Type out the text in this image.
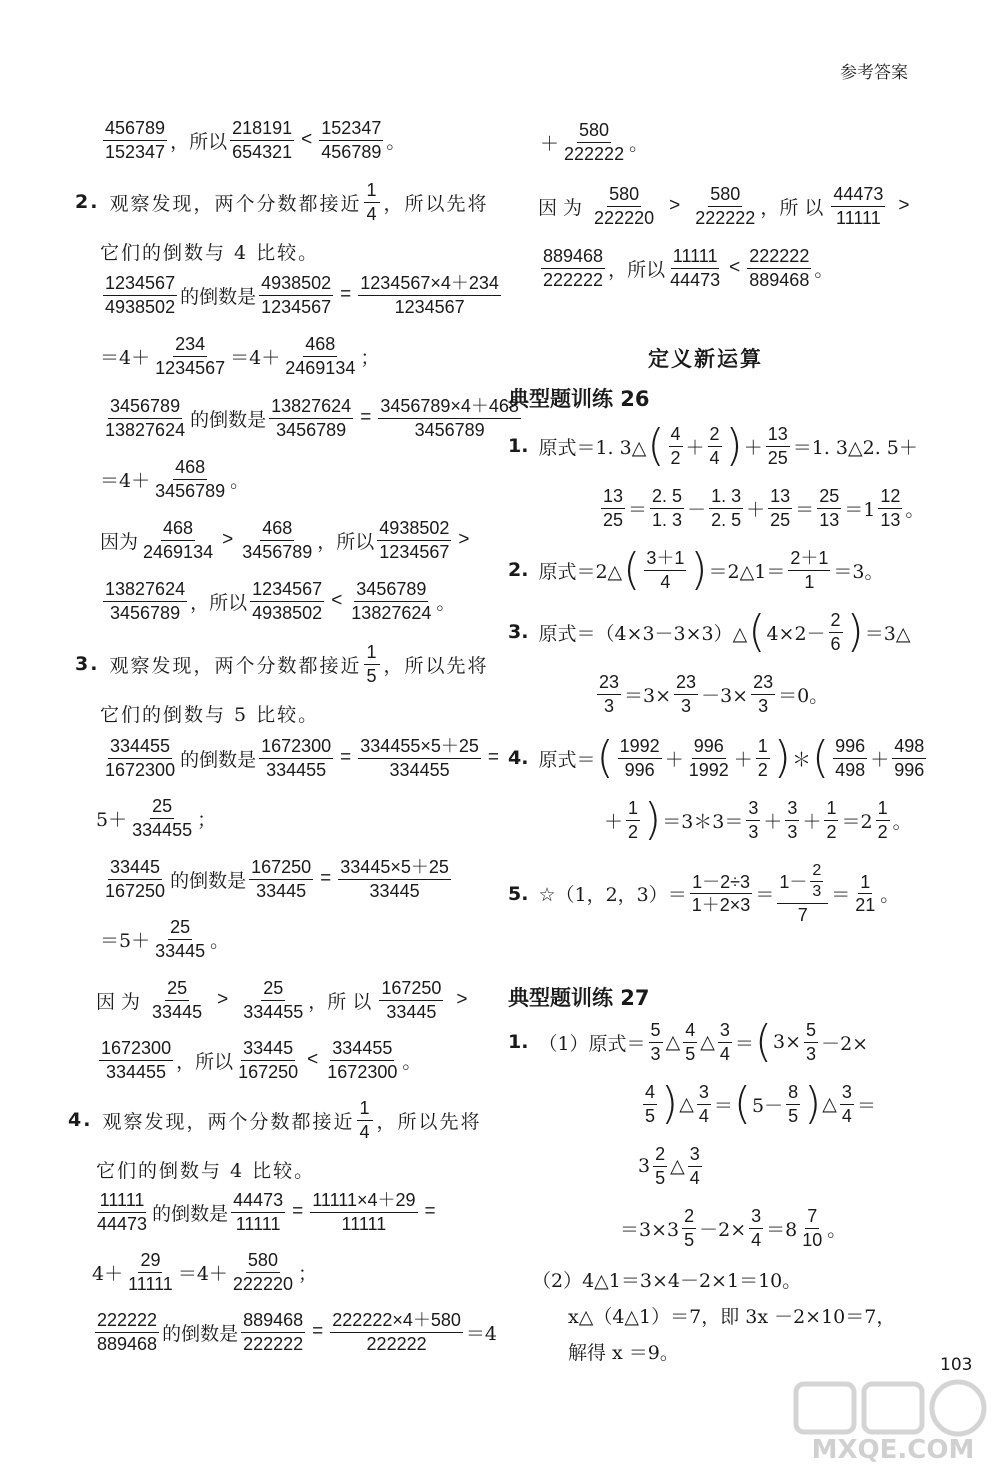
参考答案
$\frac{456789}{152347}$ ，所以 $\frac{218191}{654321} < \frac{152347}{456789}$ 。
2. 观察发现，两个分数都接近 $\frac{1}{4}$ ，所以先将
它们的倒数与 4 比较。
$\frac{1234567}{4938502}$ 的倒数是 $\frac{4938502}{1234567} = \frac{1234567\times 4+234}{1234567}$
$=4+ \frac{234}{1234567} =4+ \frac{468}{2469134}$ ；
$\frac{3456789}{13827624}$ 的倒数是 $\frac{13827624}{3456789} = \frac{3456789\times 4+468}{3456789}$
$=4+ \frac{468}{3456789}$ 。
因为 $\frac{468}{2469134} > \frac{468}{3456789}$ ，所以 $\frac{4938502}{1234567}$ >
$\frac{13827624}{3456789}$ ，所以 $\frac{1234567}{4938502} < \frac{3456789}{13827624}$ 。
3. 观察发现，两个分数都接近 $\frac{1}{5}$ ，所以先将
它们的倒数与 5 比较。
$\frac{334455}{1672300}$ 的倒数是 $\frac{1672300}{334455} = \frac{334455\times 5+25}{334455}$ =
$5+ \frac{25}{334455}$ ；
$\frac{33445}{167250}$ 的倒数是 $\frac{167250}{33445} = \frac{33445\times 5+25}{33445}$
$=5+ \frac{25}{33445}$ 。
因 为 $\frac{25}{33445} > \frac{25}{334455}$ ，所 以 $\frac{167250}{33445}$ >
$\frac{1672300}{334455}$ ，所以 $\frac{33445}{167250} < \frac{334455}{1672300}$ 。
4. 观察发现，两个分数都接近 $\frac{1}{4}$ ，所以先将
它们的倒数与 4 比较。
$\frac{11111}{44473}$ 的倒数是 $\frac{44473}{11111} = \frac{11111\times 4+29}{11111}$ =
$4+ \frac{29}{11111} =4+ \frac{580}{222220}$ ；
$\frac{222222}{889468}$ 的倒数是 $\frac{889468}{222222} = \frac{222222\times 4+580}{222222} =4$
＋ $\frac{580}{222222}$ 。
因 为 $\frac{580}{222220} > \frac{580}{222222}$ ，所 以 $\frac{44473}{11111}$ >
$\frac{889468}{222222}$ ，所以 $\frac{11111}{44473} < \frac{222222}{889468}$ 。
定义新运算
典型题训练 26
1. 原式＝1. 3△ ( $\frac{4}{2} + \frac{2}{4}$ ) ＋ $\frac{13}{25} =1$. 3△2. 5＋
$\frac{13}{25} = \frac{2. 5}{1. 3} - \frac{1. 3}{2. 5} + \frac{13}{25} = \frac{25}{13} =1 \frac{12}{13}$ 。
2. 原式＝2△ ( $\frac{3+1}{4}$ ) ＝2△1＝ $\frac{2+1}{1} =3$。
3. 原式＝（4×3－3×3）△ ( $4\times 2- \frac{2}{6}$ ) ＝3△
$\frac{23}{3} =3\times \frac{23}{3} -3\times \frac{23}{3} =0$。
4. 原式＝ ( $\frac{1992}{996} + \frac{996}{1992} + \frac{1}{2}$ ) ＊ ( $\frac{996}{498} + \frac{498}{996}$
＋ $\frac{1}{2}$ ) ＝3＊3＝ $\frac{3}{3} + \frac{3}{3} + \frac{1}{2} =2 \frac{1}{2}$ 。
5. ☆（1，2，$3)= \frac{1-2\div 3}{1+2\times 3} = \frac{1- \frac{2}{3}}{7} = \frac{1}{21}$ 。
典型题训练 27
1. （1）原式＝ $\frac{5}{3}$ △ $\frac{4}{5}$ △ $\frac{3}{4}$ ＝ ( $3\times \frac{5}{3} -2\times$
$\frac{4}{5}$ ) △ $\frac{3}{4}$ ＝ ( $5- \frac{8}{5}$ ) △ $\frac{3}{4}$ ＝
$3 \frac{2}{5}$ △ $\frac{3}{4}$
$=3\times 3 \frac{2}{5} -2\times \frac{3}{4} =8 \frac{7}{10}$ 。
（2）4△1＝3×4－2×1＝10。
x△（4△1）＝7，即 3x －2×10＝7，
解得 x ＝9。
103
MXQE.COM
